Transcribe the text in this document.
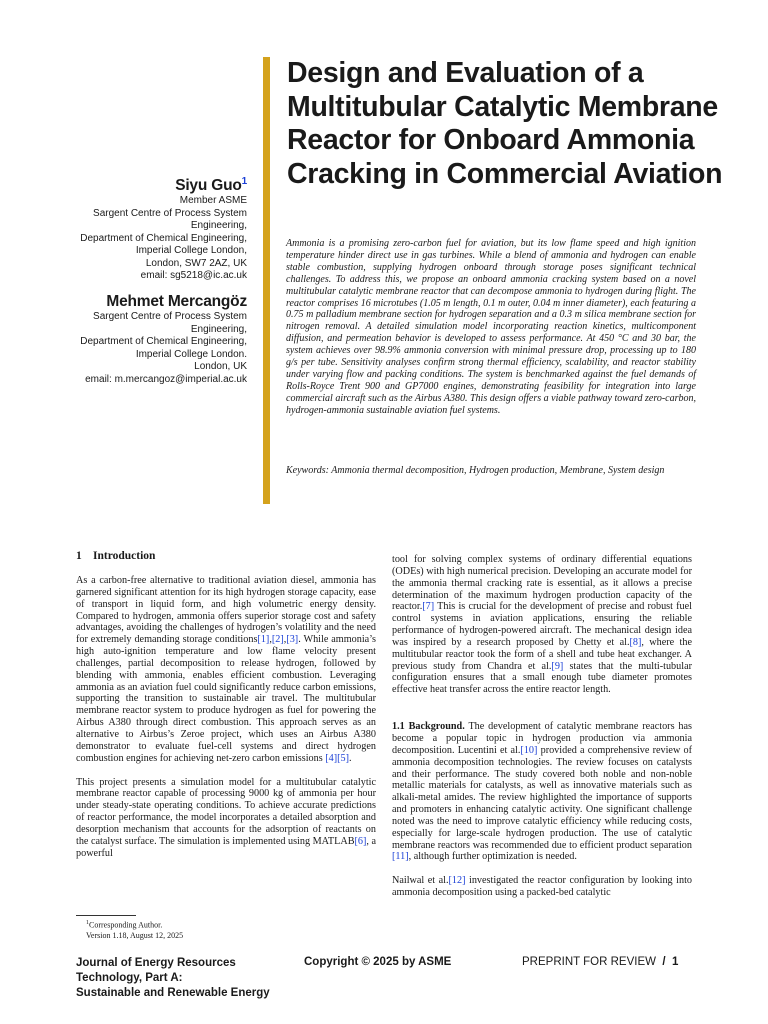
Design and Evaluation of a Multitubular Catalytic Membrane Reactor for Onboard Ammonia Cracking in Commercial Aviation
Siyu Guo$^1$
Member ASME
Sargent Centre of Process System
Engineering,
Department of Chemical Engineering,
Imperial College London,
London, SW7 2AZ, UK
email: sg5218@ic.ac.uk
Mehmet Mercangöz
Sargent Centre of Process System
Engineering,
Department of Chemical Engineering,
Imperial College London.
London, UK
email: m.mercangoz@imperial.ac.uk
Ammonia is a promising zero-carbon fuel for aviation, but its low flame speed and high ignition temperature hinder direct use in gas turbines. While a blend of ammonia and hydrogen can enable stable combustion, supplying hydrogen onboard through storage poses significant technical challenges. To address this, we propose an onboard ammonia cracking system based on a novel multitubular catalytic membrane reactor that can decompose ammonia to hydrogen during flight. The reactor comprises 16 microtubes (1.05 m length, 0.1 m outer, 0.04 m inner diameter), each featuring a 0.75 m palladium membrane section for hydrogen separation and a 0.3 m silica membrane section for nitrogen removal. A detailed simulation model incorporating reaction kinetics, multicomponent diffusion, and permeation behavior is developed to assess performance. At 450 °C and 30 bar, the system achieves over 98.9% ammonia conversion with minimal pressure drop, processing up to 180 g/s per tube. Sensitivity analyses confirm strong thermal efficiency, scalability, and reactor stability under varying flow and packing conditions. The system is benchmarked against the fuel demands of Rolls-Royce Trent 900 and GP7000 engines, demonstrating feasibility for integration into large commercial aircraft such as the Airbus A380. This design offers a viable pathway toward zero-carbon, hydrogen-ammonia sustainable aviation fuel systems.
Keywords: Ammonia thermal decomposition, Hydrogen production, Membrane, System design
1 Introduction

As a carbon-free alternative to traditional aviation diesel, ammonia has garnered significant attention for its high hydrogen storage capacity, ease of transport in liquid form, and high volumetric energy density. Compared to hydrogen, ammonia offers superior storage cost and safety advantages, avoiding the challenges of hydrogen’s volatility and the need for extremely demanding storage conditions[1],[2],[3]. While ammonia’s high auto-ignition temperature and low flame velocity present challenges, partial decomposition to release hydrogen, followed by blending with ammonia, enables efficient combustion. Leveraging ammonia as an aviation fuel could significantly reduce carbon emissions, supporting the transition to sustainable air travel. The multitubular membrane reactor system to produce hydrogen as fuel for powering the Airbus A380 through direct combustion. This approach serves as an alternative to Airbus’s Zeroe project, which uses an Airbus A380 demonstrator to evaluate fuel-cell systems and direct hydrogen combustion engines for achieving net-zero carbon emissions [4][5].

This project presents a simulation model for a multitubular catalytic membrane reactor capable of processing 9000 kg of ammonia per hour under steady-state operating conditions. To achieve accurate predictions of reactor performance, the model incorporates a detailed absorption and desorption mechanism that accounts for the adsorption of reactants on the catalyst surface. The simulation is implemented using MATLAB[6], a powerful

tool for solving complex systems of ordinary differential equations (ODEs) with high numerical precision. Developing an accurate model for the ammonia thermal cracking rate is essential, as it allows a precise determination of the maximum hydrogen production capacity of the reactor.[7] This is crucial for the development of precise and robust fuel control systems in aviation applications, ensuring the reliable performance of hydrogen-powered aircraft. The mechanical design idea was inspired by a research proposed by Chetty et al.[8], where the multitubular reactor took the form of a shell and tube heat exchanger. A previous study from Chandra et al.[9] states that the multi-tubular configuration ensures that a small enough tube diameter promotes effective heat transfer across the entire reactor length.

1.1 Background. The development of catalytic membrane reactors has become a popular topic in hydrogen production via ammonia decomposition. Lucentini et al.[10] provided a comprehensive review of ammonia decomposition technologies. The review focuses on catalysts and their performance. The study covered both noble and non-noble metallic materials for catalysts, as well as innovative materials such as alkali-metal amides. The review highlighted the importance of supports and promoters in enhancing catalytic activity. One significant challenge noted was the need to improve catalytic efficiency while reducing costs, especially for large-scale hydrogen production. The use of catalytic membrane reactors was recommended due to efficient product separation [11], although further optimization is needed.

Nailwal et al.[12] investigated the reactor configuration by looking into ammonia decomposition using a packed-bed catalytic

$^1$Corresponding Author.
Version 1.18, August 12, 2025
Journal of Energy Resources
Technology, Part A:
Sustainable and Renewable Energy
Copyright © 2025 by ASME	PREPRINT FOR REVIEW / 1
